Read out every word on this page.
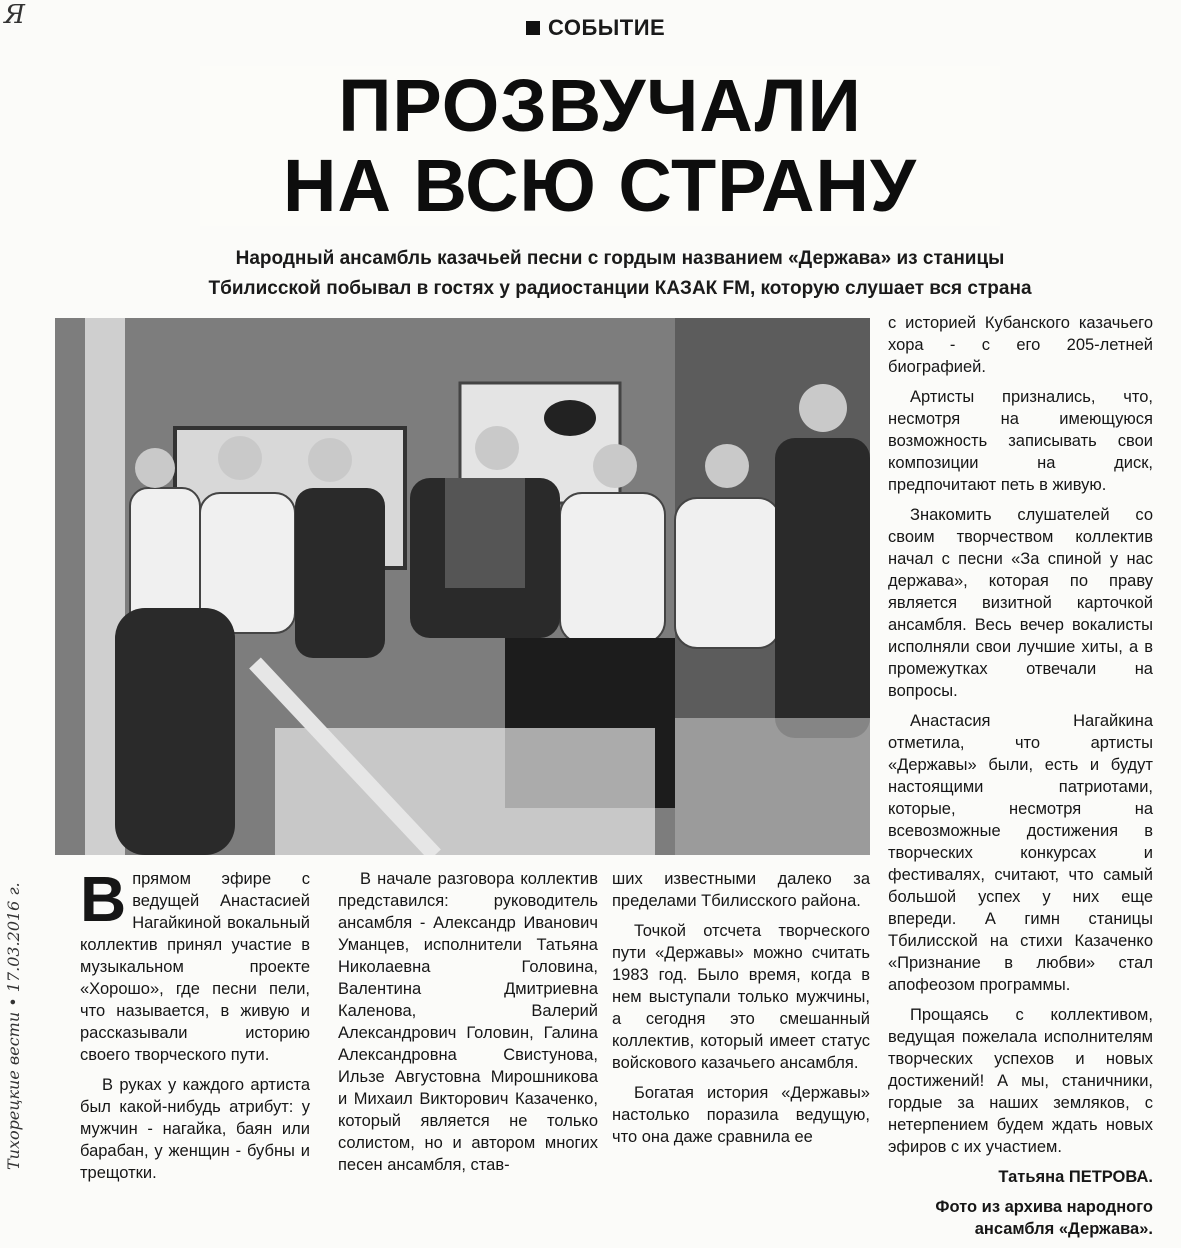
Я
Тихорецкие вести • 17.03.2016 г.
СОБЫТИЕ
ПРОЗВУЧАЛИ
НА ВСЮ СТРАНУ
Народный ансамбль казачьей песни с гордым названием «Держава» из станицы
Тбилисской побывал в гостях у радиостанции КАЗАК FM, которую слушает вся страна

Впрямом эфире с ведущей Анастасией Нагайкиной вокальный коллектив принял участие в музыкальном проекте «Хорошо», где песни пели, что называется, в живую и рассказывали историю своего творческого пути.

В руках у каждого артиста был какой-нибудь атрибут: у мужчин - нагайка, баян или барабан, у женщин - бубны и трещотки.

В начале разговора коллектив представился: руководитель ансамбля - Александр Иванович Уманцев, исполнители Татьяна Николаевна Головина, Валентина Дмитриевна Каленова, Валерий Александрович Головин, Галина Александровна Свистунова, Ильзе Августовна Мирошникова и Михаил Викторович Казаченко, который является не только солистом, но и автором многих песен ансамбля, став-

ших известными далеко за пределами Тбилисского района.

Точкой отсчета творческого пути «Державы» можно считать 1983 год. Было время, когда в нем выступали только мужчины, а сегодня это смешанный коллектив, который имеет статус войскового казачьего ансамбля.

Богатая история «Державы» настолько поразила ведущую, что она даже сравнила ее

с историей Кубанского казачьего хора - с его 205-летней биографией.

Артисты признались, что, несмотря на имеющуюся возможность записывать свои композиции на диск, предпочитают петь в живую.

Знакомить слушателей со своим творчеством коллектив начал с песни «За спиной у нас держава», которая по праву является визитной карточкой ансамбля. Весь вечер вокалисты исполняли свои лучшие хиты, а в промежутках отвечали на вопросы.

Анастасия Нагайкина отметила, что артисты «Державы» были, есть и будут настоящими патриотами, которые, несмотря на всевозможные достижения в творческих конкурсах и фестивалях, считают, что самый большой успех у них еще впереди. А гимн станицы Тбилисской на стихи Казаченко «Признание в любви» стал апофеозом программы.

Прощаясь с коллективом, ведущая пожелала исполнителям творческих успехов и новых достижений! А мы, станичники, гордые за наших земляков, с нетерпением будем ждать новых эфиров с их участием.

Татьяна ПЕТРОВА.

Фото из архива народного ансамбля «Держава».
